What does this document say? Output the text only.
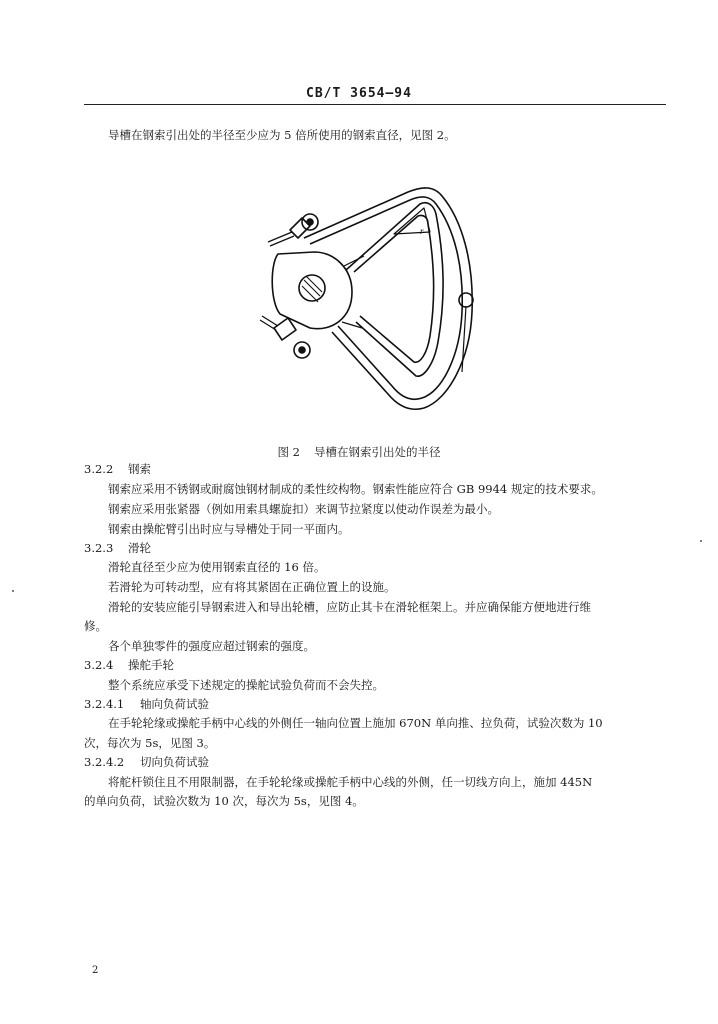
CB/T 3654—94
导槽在钢索引出处的半径至少应为 5 倍所使用的钢索直径，见图 2。
r
图 2 导槽在钢索引出处的半径
3.2.2 钢索
钢索应采用不锈钢或耐腐蚀钢材制成的柔性绞构物。钢索性能应符合 GB 9944 规定的技术要求。
钢索应采用张紧器（例如用索具螺旋扣）来调节拉紧度以使动作误差为最小。
钢索由操舵臂引出时应与导槽处于同一平面内。
3.2.3 滑轮
滑轮直径至少应为使用钢索直径的 16 倍。
若滑轮为可转动型，应有将其紧固在正确位置上的设施。
滑轮的安装应能引导钢索进入和导出轮槽，应防止其卡在滑轮框架上。并应确保能方便地进行维
修。
各个单独零件的强度应超过钢索的强度。
3.2.4 操舵手轮
整个系统应承受下述规定的操舵试验负荷而不会失控。
3.2.4.1 轴向负荷试验
在手轮轮缘或操舵手柄中心线的外侧任一轴向位置上施加 670N 单向推、拉负荷，试验次数为 10
次，每次为 5s，见图 3。
3.2.4.2 切向负荷试验
将舵杆锁住且不用限制器，在手轮轮缘或操舵手柄中心线的外侧，任一切线方向上，施加 445N
的单向负荷，试验次数为 10 次，每次为 5s，见图 4。
2
